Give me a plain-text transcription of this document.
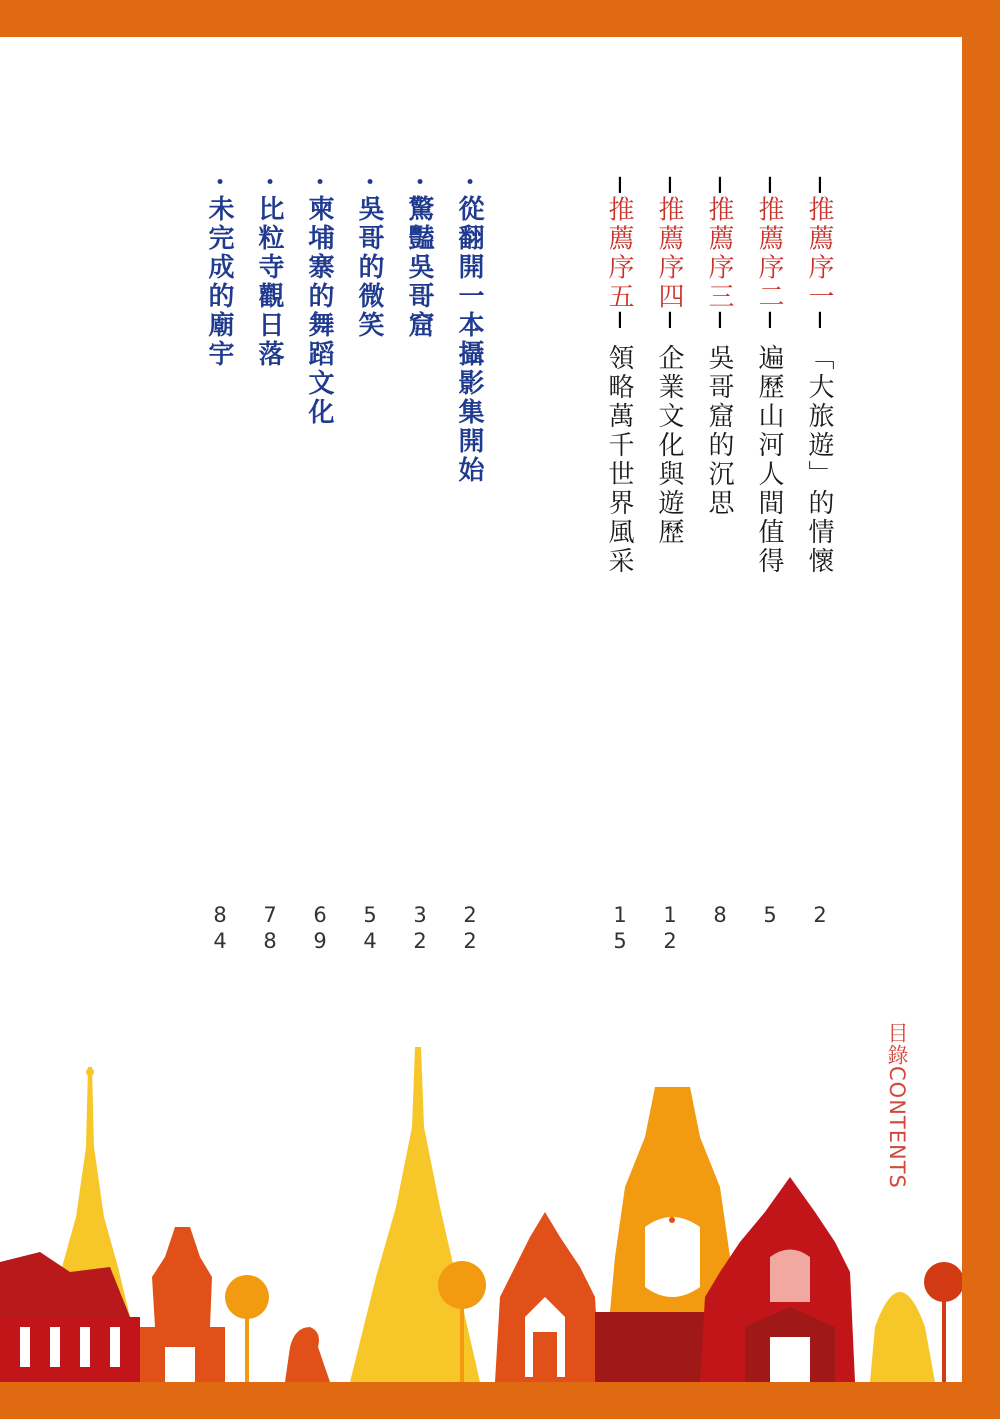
─推薦序一─「大旅遊」的情懷
─推薦序二─遍歷山河人間值得
─推薦序三─吳哥窟的沉思
─推薦序四─企業文化與遊歷
─推薦序五─領略萬千世界風采
•從翻開一本攝影集開始
•驚豔吳哥窟
•吳哥的微笑
•柬埔寨的舞蹈文化
•比粒寺觀日落
•未完成的廟宇
2
5
8
12
15
22
32
54
69
78
84
目錄CONTENTS
